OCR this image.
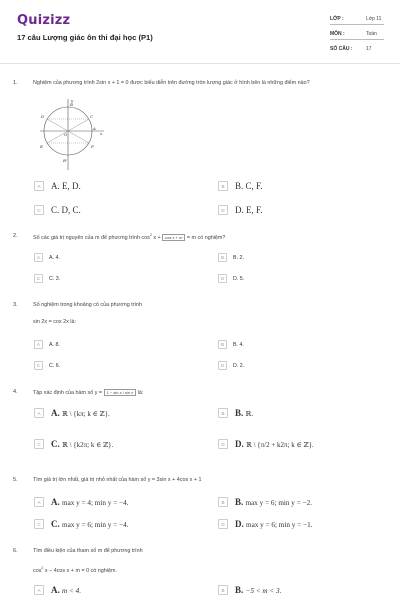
Quizizz
17 câu Lượng giác ôn thi đại học (P1)
LỚP :	Lớp 11
MÔN :	Toán
SỐ CÂU :	17
1.	Nghiệm của phương trình 2sin x + 1 = 0 được biểu diễn trên đường tròn lượng giác ở hình bên là những điểm nào?
y
x
B
C
D
A
O
E	F
B'
A	A. E, D.	B	B. C, F.
C	C. D, C.	D	D. E, F.
2.	Số các giá trị nguyên của m để phương trình $\cos^2 x + \cos x + m = m$ có nghiệm?
A	A. 4.	B	B. 2.
C	C. 3.	D	D. 5.
3.	Số nghiệm trong khoảng có của phương trình
sin 2x = cos 2x là:
A	A. 8.	B	B. 4.
C	C. 6.	D	D. 2.
4.	Tập xác định của hàm số y = 1 − sin x / sin x là:
A	A. ℝ \ {kπ; k ∈ ℤ}.	B	B. ℝ.
C	C. ℝ \ {k2π; k ∈ ℤ}.	D	D. ℝ \ {π/2 + k2π; k ∈ ℤ}.
5.	Tìm giá trị lớn nhất, giá trị nhỏ nhất của hàm số y = 3sin x + 4cos x + 1
A	A. max y = 4; min y = −4.	B	B. max y = 6; min y = −2.
C	C. max y = 6; min y = −4.	D	D. max y = 6; min y = −1.
6.	Tìm điều kiện của tham số m để phương trình
$\cos^2 x - 4\cos$ x + m = 0 có nghiệm.
A	A. m < 4.	B	B. −5 < m < 3.
